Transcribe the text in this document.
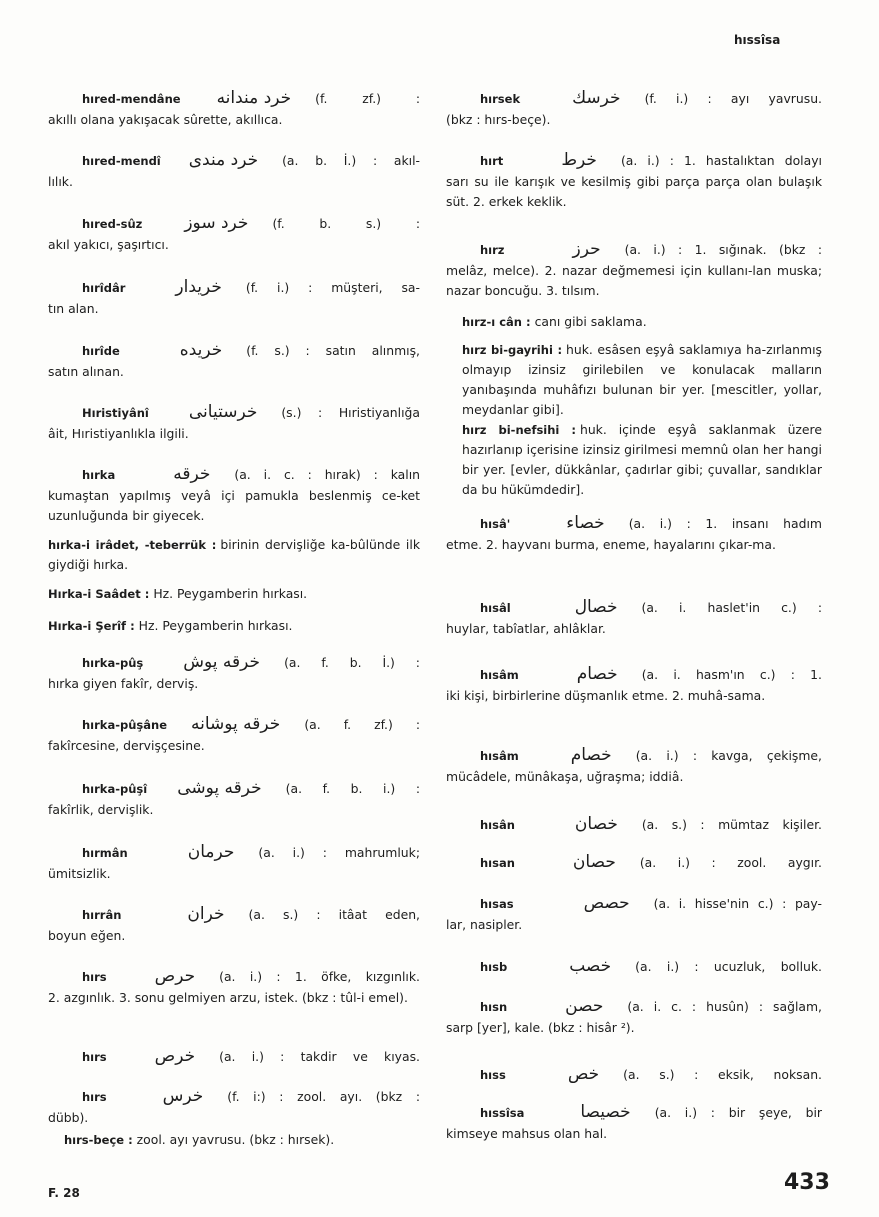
hıssîsa
hıred-mendâne خرد مندانه (f. zf.) :
akıllı olana yakışacak sûrette, akıllıca.
hıred-mendî خرد مندى (a. b. İ.) : akıl-
lılık.
hıred-sûz خرد سوز (f. b. s.) :
akıl yakıcı, şaşırtıcı.
hırîdâr	خريدار (f. i.) : müşteri, sa-
tın alan.
hırîde	خريده (f. s.) : satın alınmış,
satın alınan.
Hıristiyânî خرستيانى (s.) : Hıristiyanlığa
âit, Hıristiyanlıkla ilgili.
hırka	خرقه (a. i. c. : hırak) : kalın
kumaştan yapılmış veyâ içi pamukla beslenmiş ce-ket uzunluğunda bir giyecek.
hırka-i irâdet, -teberrük : birinin dervişliğe ka-bûlünde ilk giydiği hırka.
Hırka-i Saâdet : Hz. Peygamberin hırkası.
Hırka-i Şerîf : Hz. Peygamberin hırkası.
hırka-pûş خرقه پوش (a. f. b. İ.) :
hırka giyen fakîr, derviş.
hırka-pûşâne خرقه پوشانه (a. f. zf.) :
fakîrcesine, dervişçesine.
hırka-pûşî خرقه پوشى (a. f. b. i.) :
fakîrlik, dervişlik.
hırmân	حرمان (a. i.) : mahrumluk;
ümitsizlik.
hırrân	خران (a. s.) : itâat eden,
boyun eğen.
hırs	حرص (a. i.) : 1. öfke, kızgınlık.
2. azgınlık. 3. sonu gelmiyen arzu, istek. (bkz : tûl-i emel).
hırs	خرص (a. i.) : takdir ve kıyas.
hırs	خرس (f. i:) : zool. ayı. (bkz :
dübb).
hırs-beçe : zool. ayı yavrusu. (bkz : hırsek).
hırsek	خرسك (f. i.) : ayı yavrusu.
(bkz : hırs-beçe).
hırt	خرط (a. i.) : 1. hastalıktan dolayı
sarı su ile karışık ve kesilmiş gibi parça parça olan bulaşık süt. 2. erkek keklik.
hırz	حرز (a. i.) : 1. sığınak. (bkz :
melâz, melce). 2. nazar değmemesi için kullanı-lan muska; nazar boncuğu. 3. tılsım.
hırz-ı cân : canı gibi saklama.
hırz bi-gayrihi : huk. esâsen eşyâ saklamıya ha-zırlanmış olmayıp izinsiz girilebilen ve konulacak malların yanıbaşında muhâfızı bulunan bir yer. [mescitler, yollar, meydanlar gibi].
hırz bi-nefsihi : huk. içinde eşyâ saklanmak üzere hazırlanıp içerisine izinsiz girilmesi memnû olan her hangi bir yer. [evler, dükkânlar, çadırlar gibi; çuvallar, sandıklar da bu hükümdedir].
hısâ'	خصاء (a. i.) : 1. insanı hadım
etme. 2. hayvanı burma, eneme, hayalarını çıkar-ma.
hısâl	خصال (a. i. haslet'in c.) :
huylar, tabîatlar, ahlâklar.
hısâm	خصام (a. i. hasm'ın c.) : 1.
iki kişi, birbirlerine düşmanlık etme. 2. muhâ-sama.
hısâm	خصام (a. i.) : kavga, çekişme,
mücâdele, münâkaşa, uğraşma; iddiâ.
hısân	خصان (a. s.) : mümtaz kişiler.
hısan	حصان (a. i.) : zool. aygır.
hısas	حصص (a. i. hisse'nin c.) : pay-
lar, nasipler.
hısb	خصب (a. i.) : ucuzluk, bolluk.
hısn	حصن (a. i. c. : husûn) : sağlam,
sarp [yer], kale. (bkz : hisâr ²).
hıss	خص (a. s.) : eksik, noksan.
hıssîsa	خصيصا (a. i.) : bir şeye, bir
kimseye mahsus olan hal.
F. 28	433
